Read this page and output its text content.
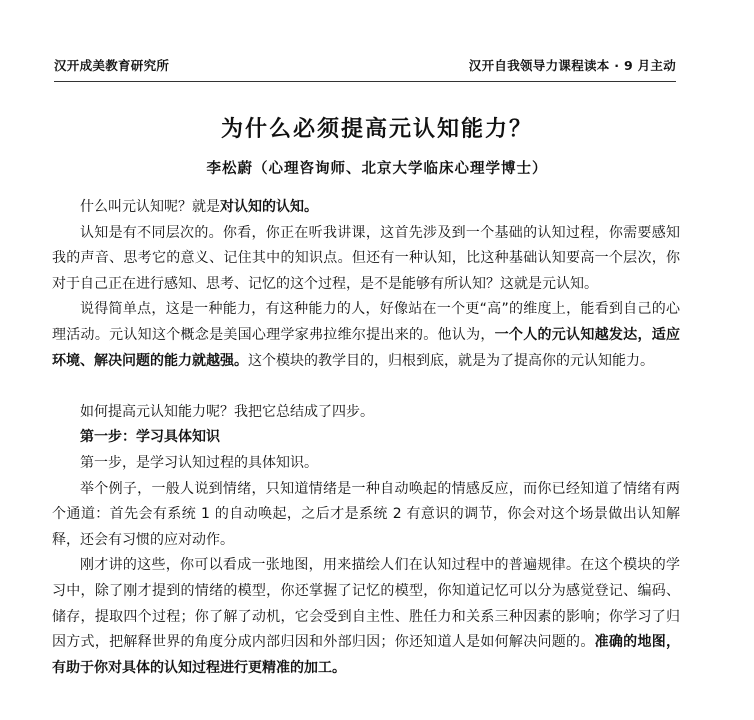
汉开成美教育研究所	汉开自我领导力课程读本 · 9 月主动
为什么必须提高元认知能力？
李松蔚（心理咨询师、北京大学临床心理学博士）

什么叫元认知呢？就是对认知的认知。

认知是有不同层次的。你看，你正在听我讲课，这首先涉及到一个基础的认知过程，你需要感知我的声音、思考它的意义、记住其中的知识点。但还有一种认知，比这种基础认知要高一个层次，你对于自己正在进行感知、思考、记忆的这个过程，是不是能够有所认知？这就是元认知。

说得简单点，这是一种能力，有这种能力的人，好像站在一个更“高”的维度上，能看到自己的心理活动。元认知这个概念是美国心理学家弗拉维尔提出来的。他认为，一个人的元认知越发达，适应环境、解决问题的能力就越强。这个模块的教学目的，归根到底，就是为了提高你的元认知能力。

如何提高元认知能力呢？我把它总结成了四步。

第一步：学习具体知识

第一步，是学习认知过程的具体知识。

举个例子，一般人说到情绪，只知道情绪是一种自动唤起的情感反应，而你已经知道了情绪有两个通道：首先会有系统 1 的自动唤起，之后才是系统 2 有意识的调节，你会对这个场景做出认知解释，还会有习惯的应对动作。

刚才讲的这些，你可以看成一张地图，用来描绘人们在认知过程中的普遍规律。在这个模块的学习中，除了刚才提到的情绪的模型，你还掌握了记忆的模型，你知道记忆可以分为感觉登记、编码、储存，提取四个过程；你了解了动机，它会受到自主性、胜任力和关系三种因素的影响；你学习了归因方式，把解释世界的角度分成内部归因和外部归因；你还知道人是如何解决问题的。准确的地图，有助于你对具体的认知过程进行更精准的加工。
